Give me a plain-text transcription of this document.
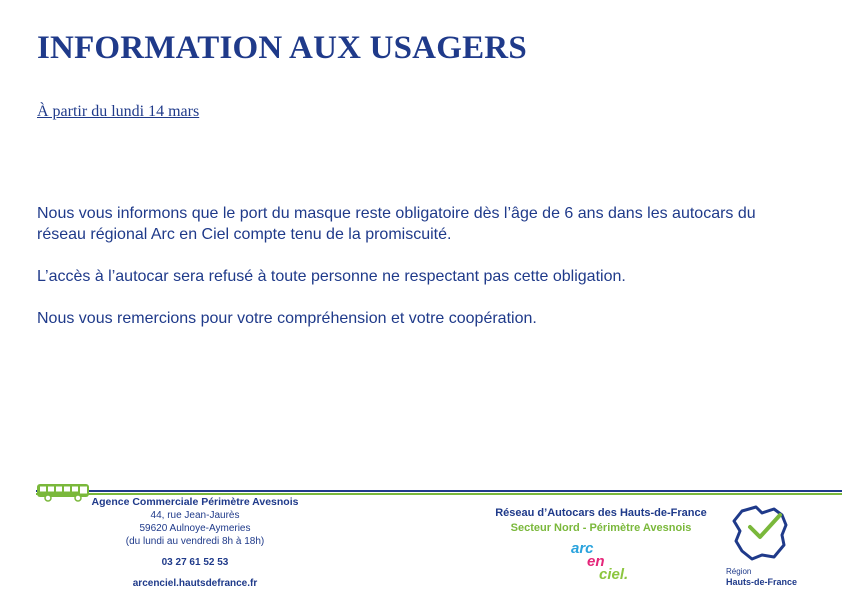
INFORMATION AUX USAGERS
À partir du lundi 14 mars

Nous vous informons que le port du masque reste obligatoire dès l’âge de 6 ans dans les autocars du réseau régional Arc en Ciel compte tenu de la promiscuité.

L’accès à l’autocar sera refusé à toute personne ne respectant pas cette obligation.

Nous vous remercions pour votre compréhension et votre coopération.

Agence Commerciale Périmètre Avesnois
44, rue Jean-Jaurès
59620 Aulnoye-Aymeries
(du lundi au vendredi 8h à 18h)
03 27 61 52 53
arcenciel.hautsdefrance.fr
Réseau d’Autocars des Hauts-de-France
Secteur Nord - Périmètre Avesnois
arc
en
ciel.	Région
Hauts-de-France
